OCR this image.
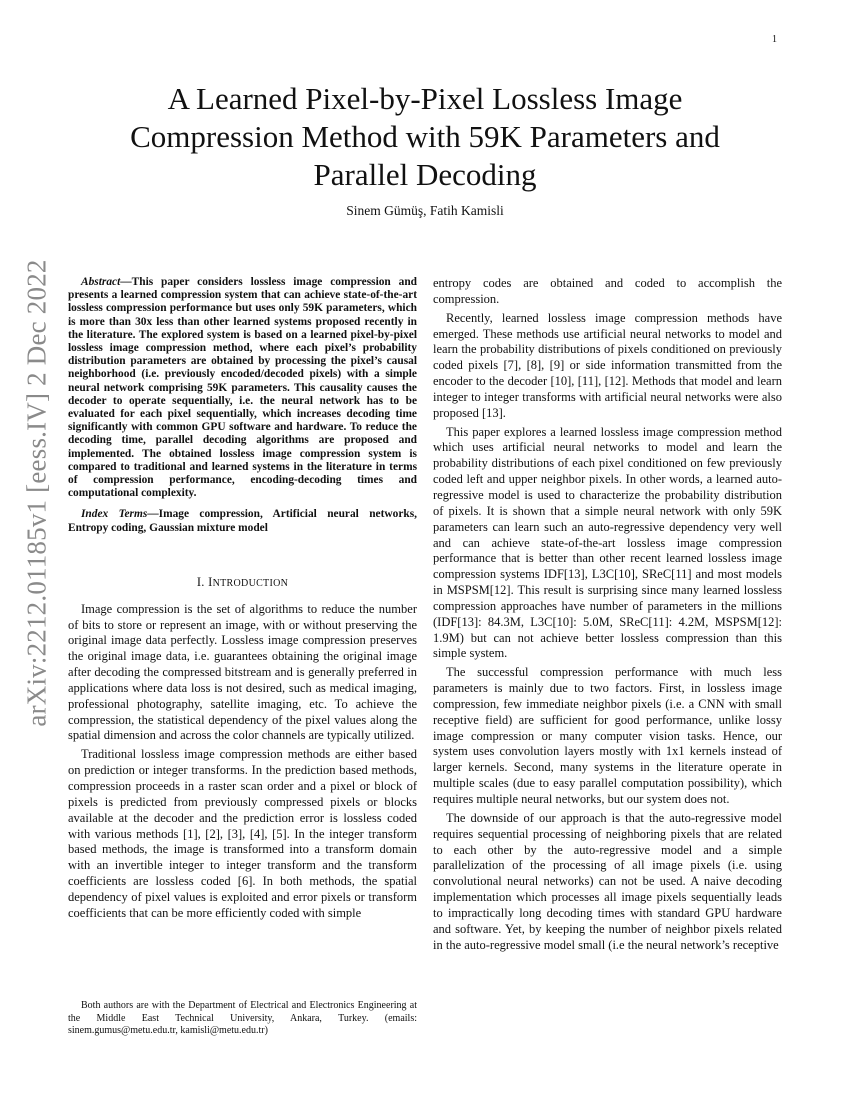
1
arXiv:2212.01185v1 [eess.IV] 2 Dec 2022
A Learned Pixel-by-Pixel Lossless Image Compression Method with 59K Parameters and Parallel Decoding
Sinem Gümüş, Fatih Kamisli

Abstract—This paper considers lossless image compression and presents a learned compression system that can achieve state-of-the-art lossless compression performance but uses only 59K parameters, which is more than 30x less than other learned systems proposed recently in the literature. The explored system is based on a learned pixel-by-pixel lossless image compression method, where each pixel’s probability distribution parameters are obtained by processing the pixel’s causal neighborhood (i.e. previously encoded/decoded pixels) with a simple neural network comprising 59K parameters. This causality causes the decoder to operate sequentially, i.e. the neural network has to be evaluated for each pixel sequentially, which increases decoding time significantly with common GPU software and hardware. To reduce the decoding time, parallel decoding algorithms are proposed and implemented. The obtained lossless image compression system is compared to traditional and learned systems in the literature in terms of compression performance, encoding-decoding times and computational complexity.

Index Terms—Image compression, Artificial neural networks, Entropy coding, Gaussian mixture model

I. INTRODUCTION

Image compression is the set of algorithms to reduce the number of bits to store or represent an image, with or without preserving the original image data perfectly. Lossless image compression preserves the original image data, i.e. guarantees obtaining the original image after decoding the compressed bitstream and is generally preferred in applications where data loss is not desired, such as medical imaging, professional photography, satellite imaging, etc. To achieve the compression, the statistical dependency of the pixel values along the spatial dimension and across the color channels are typically utilized.

Traditional lossless image compression methods are either based on prediction or integer transforms. In the prediction based methods, compression proceeds in a raster scan order and a pixel or block of pixels is predicted from previously compressed pixels or blocks available at the decoder and the prediction error is lossless coded with various methods [1], [2], [3], [4], [5]. In the integer transform based methods, the image is transformed into a transform domain with an invertible integer to integer transform and the transform coefficients are lossless coded [6]. In both methods, the spatial dependency of pixel values is exploited and error pixels or transform coefficients that can be more efficiently coded with simple

Both authors are with the Department of Electrical and Electronics Engineering at the Middle East Technical University, Ankara, Turkey. (emails: sinem.gumus@metu.edu.tr, kamisli@metu.edu.tr)

entropy codes are obtained and coded to accomplish the compression.

Recently, learned lossless image compression methods have emerged. These methods use artificial neural networks to model and learn the probability distributions of pixels conditioned on previously coded pixels [7], [8], [9] or side information transmitted from the encoder to the decoder [10], [11], [12]. Methods that model and learn integer to integer transforms with artificial neural networks were also proposed [13].

This paper explores a learned lossless image compression method which uses artificial neural networks to model and learn the probability distributions of each pixel conditioned on few previously coded left and upper neighbor pixels. In other words, a learned auto-regressive model is used to characterize the probability distribution of pixels. It is shown that a simple neural network with only 59K parameters can learn such an auto-regressive dependency very well and can achieve state-of-the-art lossless image compression performance that is better than other recent learned lossless image compression systems IDF[13], L3C[10], SReC[11] and most models in MSPSM[12]. This result is surprising since many learned lossless compression approaches have number of parameters in the millions (IDF[13]: 84.3M, L3C[10]: 5.0M, SReC[11]: 4.2M, MSPSM[12]: 1.9M) but can not achieve better lossless compression than this simple system.

The successful compression performance with much less parameters is mainly due to two factors. First, in lossless image compression, few immediate neighbor pixels (i.e. a CNN with small receptive field) are sufficient for good performance, unlike lossy image compression or many computer vision tasks. Hence, our system uses convolution layers mostly with 1x1 kernels instead of larger kernels. Second, many systems in the literature operate in multiple scales (due to easy parallel computation possibility), which requires multiple neural networks, but our system does not.

The downside of our approach is that the auto-regressive model requires sequential processing of neighboring pixels that are related to each other by the auto-regressive model and a simple parallelization of the processing of all image pixels (i.e. using convolutional neural networks) can not be used. A naive decoding implementation which processes all image pixels sequentially leads to impractically long decoding times with standard GPU hardware and software. Yet, by keeping the number of neighbor pixels related in the auto-regressive model small (i.e the neural network’s receptive
